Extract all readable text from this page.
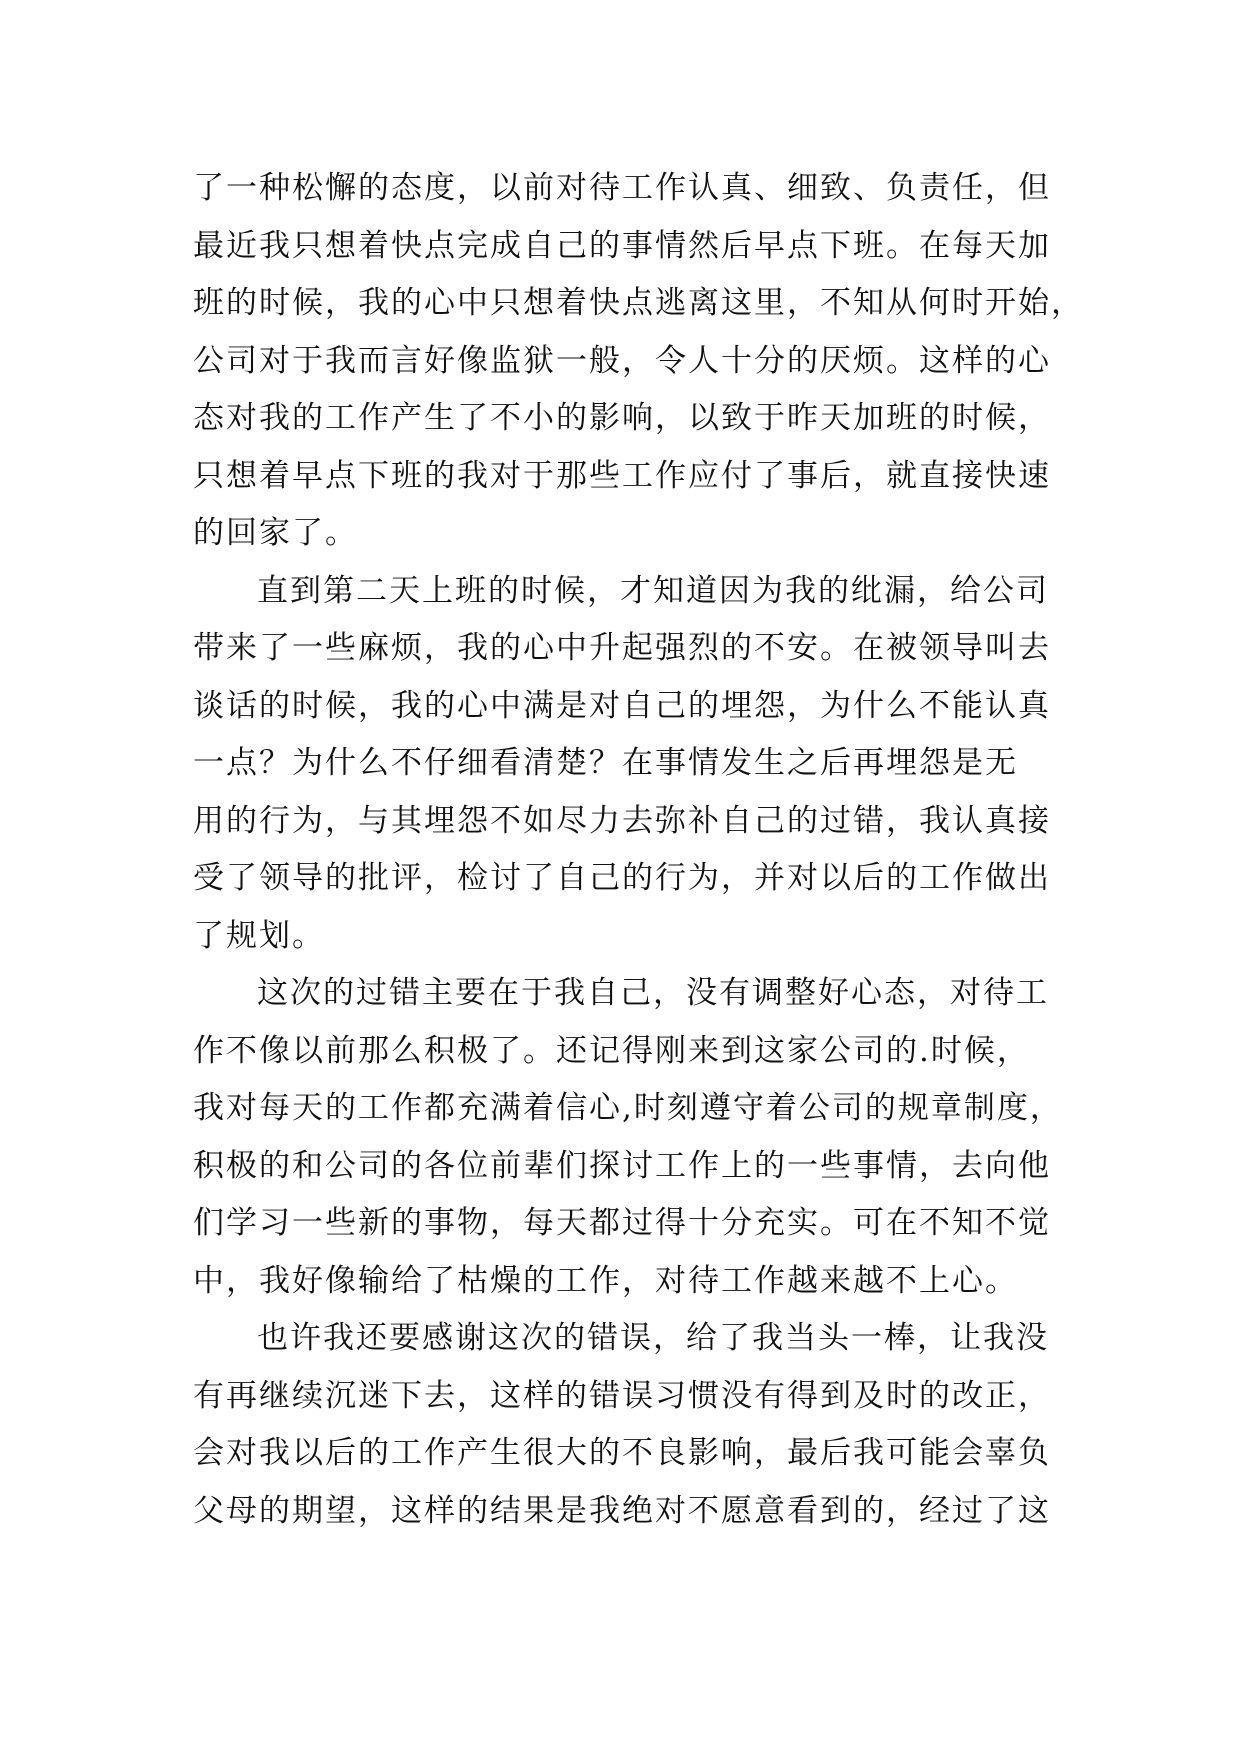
了一种松懈的态度，以前对待工作认真、细致、负责任，但
最近我只想着快点完成自己的事情然后早点下班。在每天加
班的时候，我的心中只想着快点逃离这里，不知从何时开始，
公司对于我而言好像监狱一般，令人十分的厌烦。这样的心
态对我的工作产生了不小的影响，以致于昨天加班的时候，
只想着早点下班的我对于那些工作应付了事后，就直接快速
的回家了。
直到第二天上班的时候，才知道因为我的纰漏，给公司
带来了一些麻烦，我的心中升起强烈的不安。在被领导叫去
谈话的时候，我的心中满是对自己的埋怨，为什么不能认真
一点？为什么不仔细看清楚？在事情发生之后再埋怨是无
用的行为，与其埋怨不如尽力去弥补自己的过错，我认真接
受了领导的批评，检讨了自己的行为，并对以后的工作做出
了规划。
这次的过错主要在于我自己，没有调整好心态，对待工
作不像以前那么积极了。还记得刚来到这家公司的.时候，
我对每天的工作都充满着信心,时刻遵守着公司的规章制度，
积极的和公司的各位前辈们探讨工作上的一些事情，去向他
们学习一些新的事物，每天都过得十分充实。可在不知不觉
中，我好像输给了枯燥的工作，对待工作越来越不上心。
也许我还要感谢这次的错误，给了我当头一棒，让我没
有再继续沉迷下去，这样的错误习惯没有得到及时的改正，
会对我以后的工作产生很大的不良影响，最后我可能会辜负
父母的期望，这样的结果是我绝对不愿意看到的，经过了这
